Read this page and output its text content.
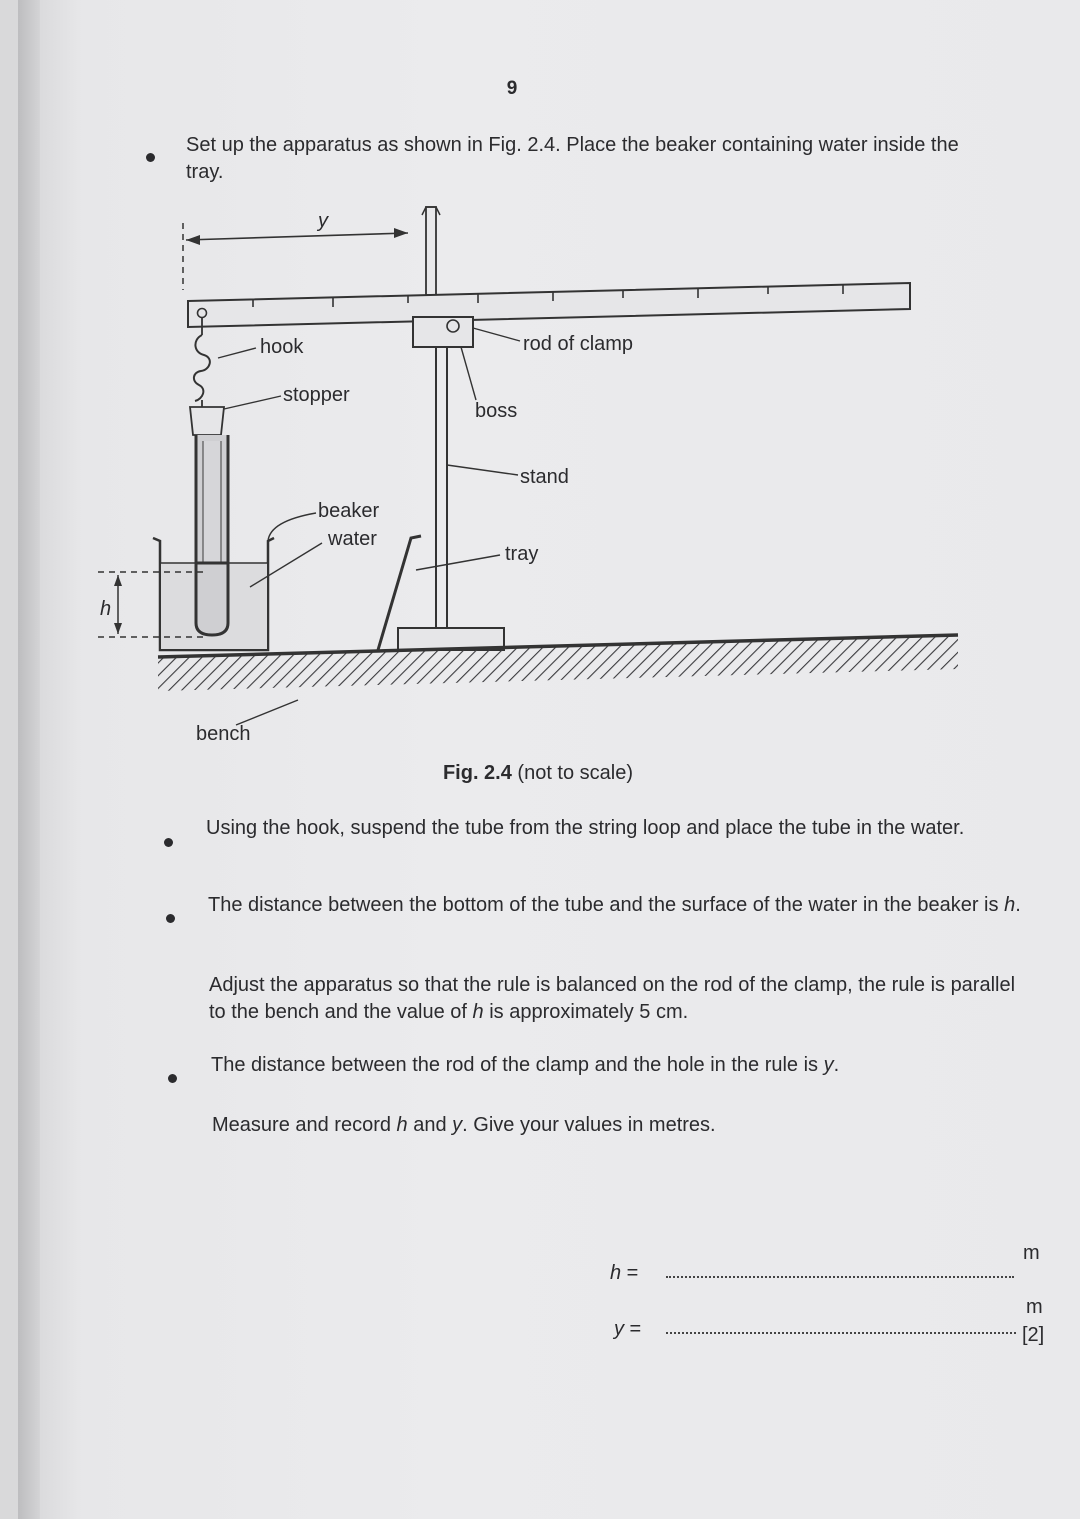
9
Set up the apparatus as shown in Fig. 2.4. Place the beaker containing water inside the tray.
y
h
hook
stopper
beaker
water
rod of clamp
boss
stand
tray
bench
Fig. 2.4 (not to scale)
Using the hook, suspend the tube from the string loop and place the tube in the water.
The distance between the bottom of the tube and the surface of the water in the beaker is h.
Adjust the apparatus so that the rule is balanced on the rod of the clamp, the rule is parallel to the bench and the value of h is approximately 5 cm.
The distance between the rod of the clamp and the hole in the rule is y.
Measure and record h and y. Give your values in metres.
h =
m
y =
m
[2]
